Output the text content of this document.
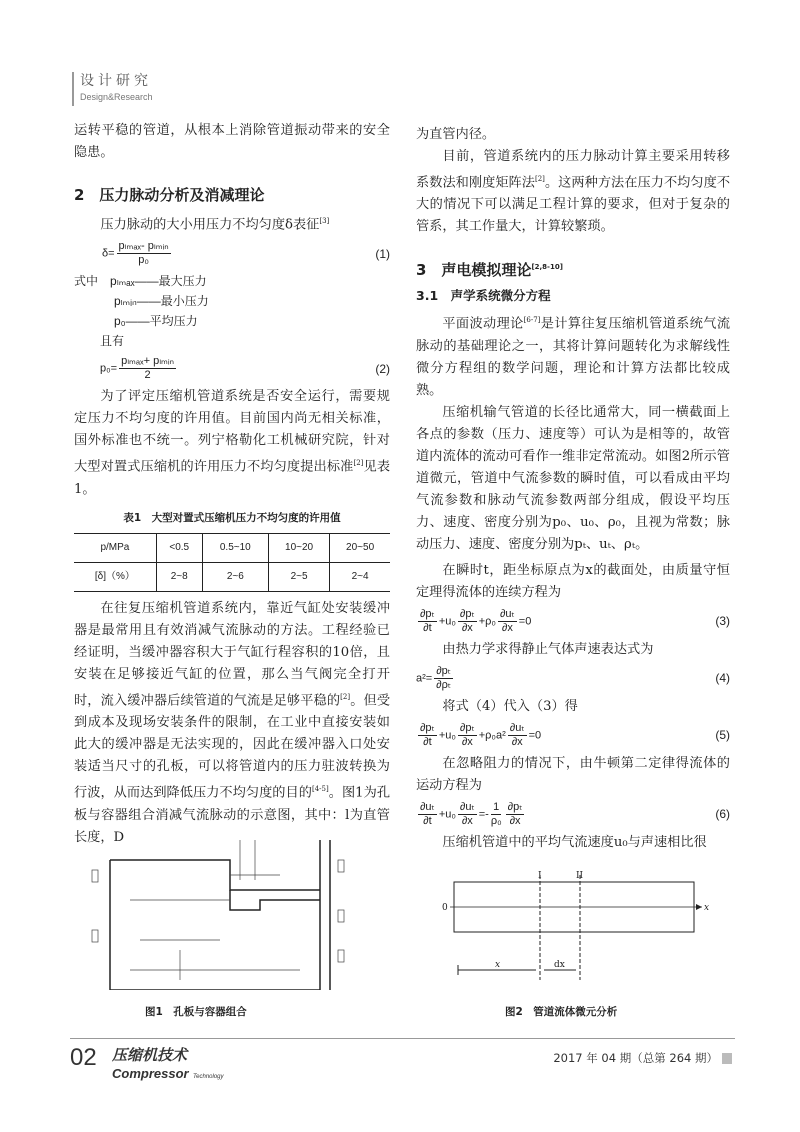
设计研究
Design&Research

运转平稳的管道，从根本上消除管道振动带来的安全隐患。

2　压力脉动分析及消减理论

压力脉动的大小用压力不均匀度δ表征[3]

$\delta= \frac{\text{pₗₘₐₓ- pₗₘᵢₙ}}{\text{p₀}}$	(1)
式中　 pₗₘₐₓ——最大压力
pₗₘᵢₙ——最小压力
p₀——平均压力
且有
$p_0= \frac{\text{pₗₘₐₓ+ pₗₘᵢₙ}}{2}$	(2)

为了评定压缩机管道系统是否安全运行，需要规定压力不均匀度的许用值。目前国内尚无相关标准，国外标准也不统一。列宁格勒化工机械研究院，针对大型对置式压缩机的许用压力不均匀度提出标准[2]见表1。

表1　大型对置式压缩机压力不均匀度的许用值
p/MPa	<0.5	0.5~10	10~20	20~50
[δ]（%）	2~8	2~6	2~5	2~4

在往复压缩机管道系统内，靠近气缸处安装缓冲器是最常用且有效消减气流脉动的方法。工程经验已经证明，当缓冲器容积大于气缸行程容积的10倍，且安装在足够接近气缸的位置，那么当气阀完全打开时，流入缓冲器后续管道的气流是足够平稳的[2]。但受到成本及现场安装条件的限制，在工业中直接安装如此大的缓冲器是无法实现的，因此在缓冲器入口处安装适当尺寸的孔板，可以将管道内的压力驻波转换为行波，从而达到降低压力不均匀度的目的[4-5]。图1为孔板与容器组合消减气流脉动的示意图，其中：l为直管长度，D

图1　孔板与容器组合

为直管内径。

目前，管道系统内的压力脉动计算主要采用转移系数法和刚度矩阵法[2]。这两种方法在压力不均匀度不大的情况下可以满足工程计算的要求，但对于复杂的管系，其工作量大，计算较繁琐。

3　声电模拟理论[2,8-10]
3.1　声学系统微分方程

平面波动理论[6-7]是计算往复压缩机管道系统气流脉动的基础理论之一，其将计算问题转化为求解线性微分方程组的数学问题，理论和计算方法都比较成熟。

压缩机输气管道的长径比通常大，同一横截面上各点的参数（压力、速度等）可认为是相等的，故管道内流体的流动可看作一维非定常流动。如图2所示管道微元，管道中气流参数的瞬时值，可以看成由平均气流参数和脉动气流参数两部分组成，假设平均压力、速度、密度分别为p₀、u₀、ρ₀，且视为常数；脉动压力、速度、密度分别为pₜ、uₜ、ρₜ。

在瞬时t，距坐标原点为x的截面处，由质量守恒定理得流体的连续方程为

$\frac{\text{∂pₜ}}{\partial t} +u_0 \frac{\text{∂pₜ}}{\partial x} +\rho_0 \frac{\text{∂uₜ}}{\partial x} =0$	(3)

由热力学求得静止气体声速表达式为

$a^2= \frac{\text{∂pₜ}}{\text{∂ρₜ}}$	(4)

将式（4）代入（3）得

$\frac{\text{∂pₜ}}{\partial t} +u_0 \frac{\text{∂pₜ}}{\partial x} +\rho_0a^2 \frac{\text{∂uₜ}}{\partial x} =0$	(5)

在忽略阻力的情况下，由牛顿第二定律得流体的运动方程为

$\frac{\text{∂uₜ}}{\partial t} +u_0 \frac{\text{∂uₜ}}{\partial x} =- \frac{1}{\text{ρ₀}} \frac{\text{∂pₜ}}{\partial x}$	(6)

压缩机管道中的平均气流速度u₀与声速相比很

0	x
I	II
x	dx
图2　管道流体微元分析
02 压缩机技术
Compressor Technology
2017 年 04 期（总第 264 期）
